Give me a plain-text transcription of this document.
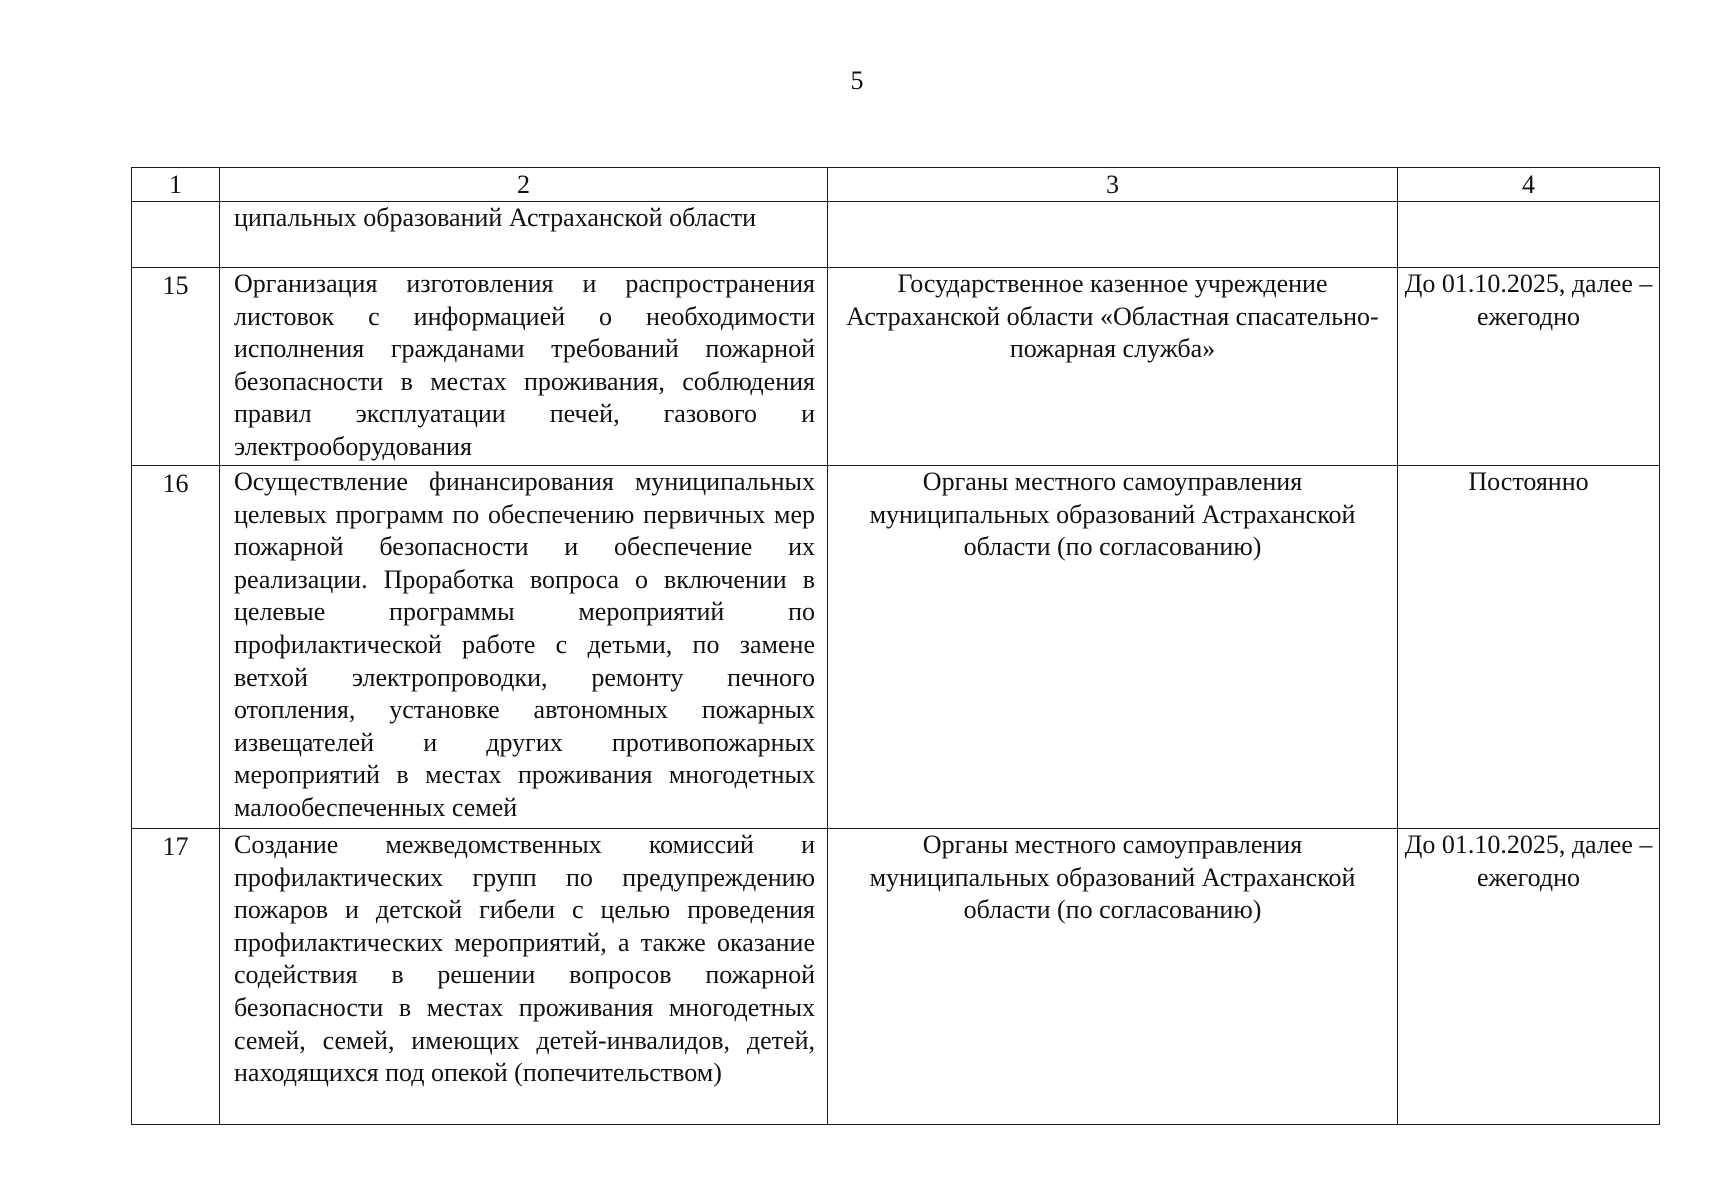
5
1	2	3	4
	ципальных образований Астраханской области		
15	Организация изготовления и распространения листовок с информацией о необходимости исполнения гражданами требований пожарной безопасности в местах проживания, соблюдения правил эксплуатации печей, газового и электрооборудования	Государственное казенное учреждение Астраханской области «Областная спасательно-пожарная служба»	До 01.10.2025, далее – ежегодно
16	Осуществление финансирования муниципальных целевых программ по обеспечению первичных мер пожарной безопасности и обеспечение их реализации. Проработка вопроса о включении в целевые программы мероприятий по профилактической работе с детьми, по замене ветхой электропроводки, ремонту печного отопления, установке автономных пожарных извещателей и других противопожарных мероприятий в местах проживания многодетных малообеспеченных семей	Органы местного самоуправления муниципальных образований Астраханской области (по согласованию)	Постоянно
17	Создание межведомственных комиссий и профилактических групп по предупреждению пожаров и детской гибели с целью проведения профилактических мероприятий, а также оказание содействия в решении вопросов пожарной безопасности в местах проживания многодетных семей, семей, имеющих детей-инвалидов, детей, находящихся под опекой (попечительством)	Органы местного самоуправления муниципальных образований Астраханской области (по согласованию)	До 01.10.2025, далее – ежегодно
